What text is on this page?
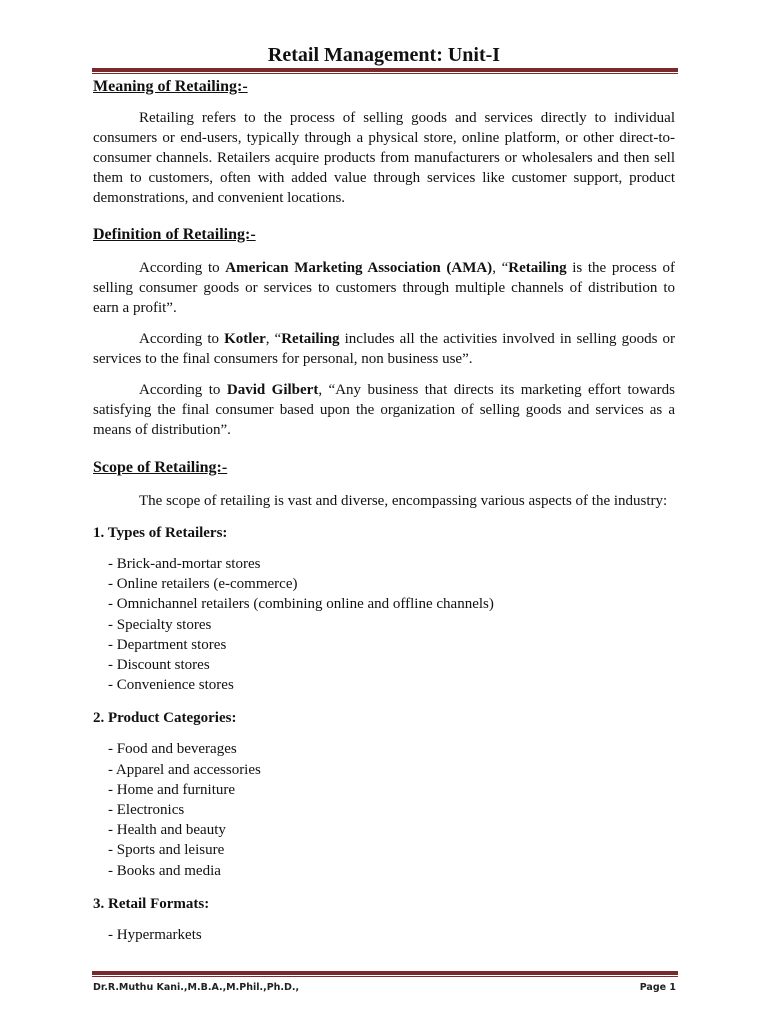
Retail Management: Unit-I

Meaning of Retailing:-

Retailing refers to the process of selling goods and services directly to individual consumers or end-users, typically through a physical store, online platform, or other direct-to-consumer channels. Retailers acquire products from manufacturers or wholesalers and then sell them to customers, often with added value through services like customer support, product demonstrations, and convenient locations.

Definition of Retailing:-

According to American Marketing Association (AMA), “Retailing is the process of selling consumer goods or services to customers through multiple channels of distribution to earn a profit”.

According to Kotler, “Retailing includes all the activities involved in selling goods or services to the final consumers for personal, non business use”.

According to David Gilbert, “Any business that directs its marketing effort towards satisfying the final consumer based upon the organization of selling goods and services as a means of distribution”.

Scope of Retailing:-

The scope of retailing is vast and diverse, encompassing various aspects of the industry:

1. Types of Retailers:

- Brick-and-mortar stores
- Online retailers (e-commerce)
- Omnichannel retailers (combining online and offline channels)
- Specialty stores
- Department stores
- Discount stores
- Convenience stores

2. Product Categories:

- Food and beverages
- Apparel and accessories
- Home and furniture
- Electronics
- Health and beauty
- Sports and leisure
- Books and media

3. Retail Formats:

- Hypermarkets
Dr.R.Muthu Kani.,M.B.A.,M.Phil.,Ph.D.,	Page 1
